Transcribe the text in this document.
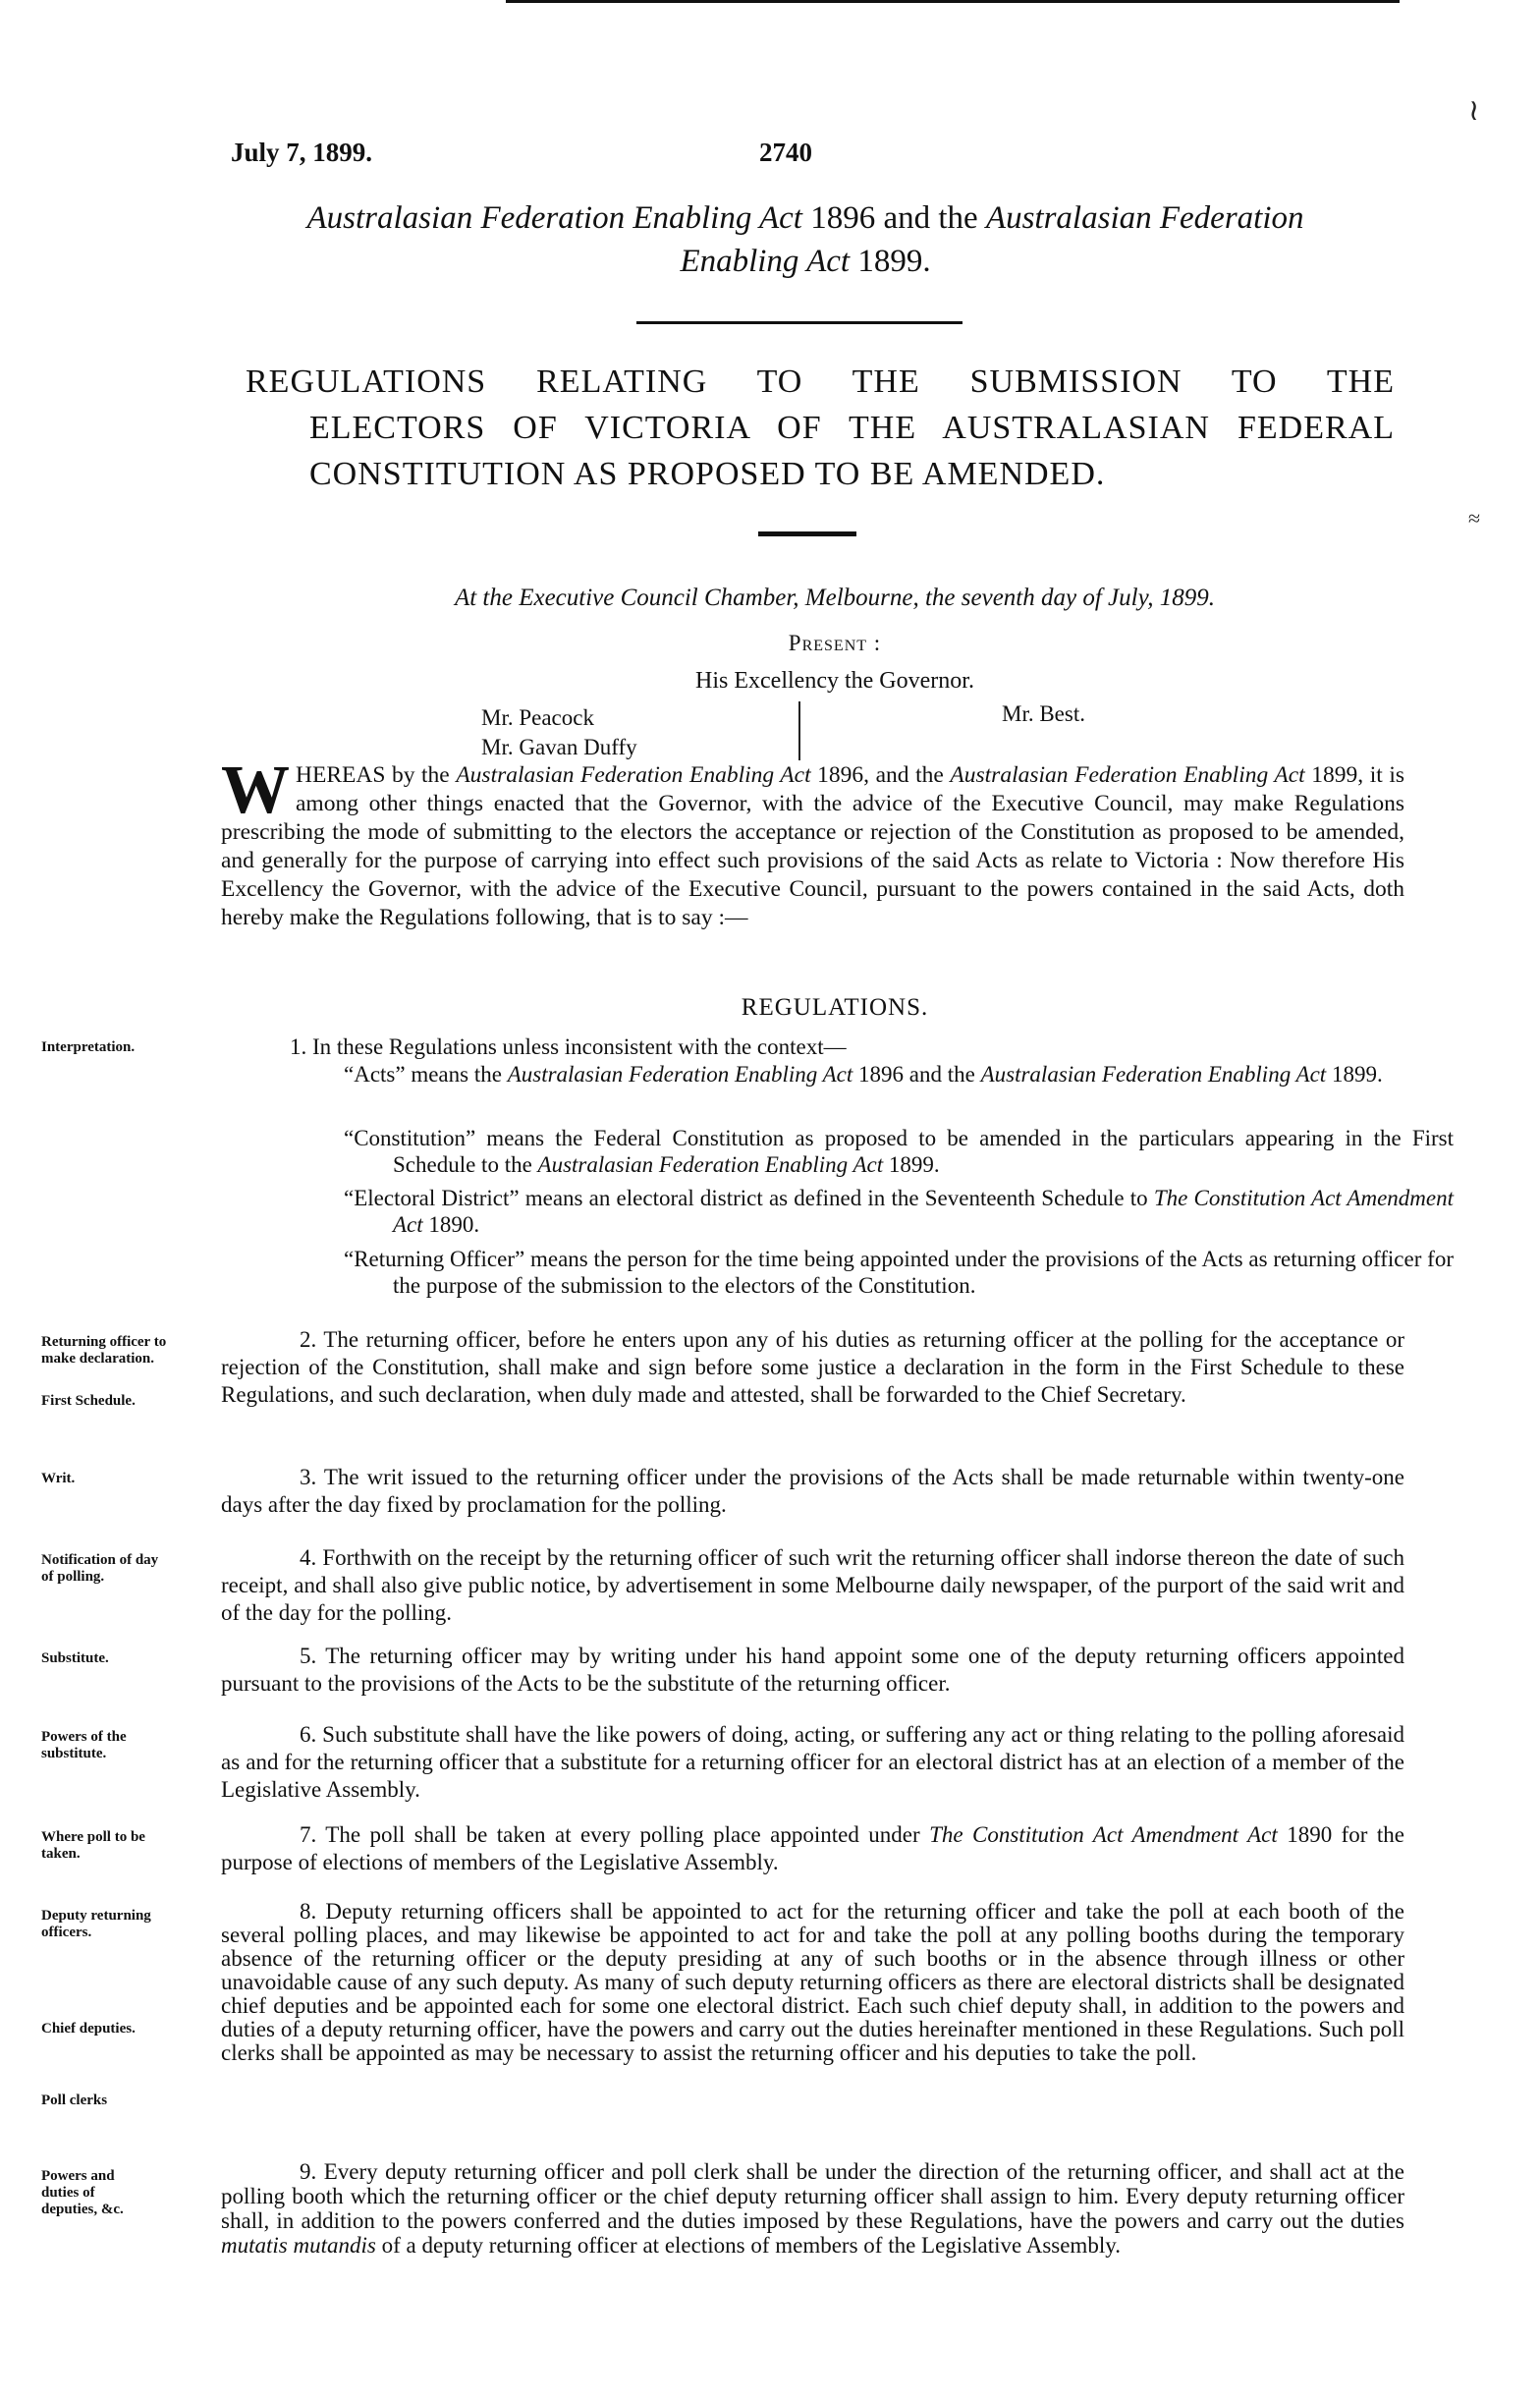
July 7, 1899.	2740
Australasian Federation Enabling Act 1896 and the Australasian Federation
Enabling Act 1899.
REGULATIONS RELATING TO THE SUBMISSION TO THE
ELECTORS OF VICTORIA OF THE AUSTRALASIAN FEDERAL
CONSTITUTION AS PROPOSED TO BE AMENDED.
At the Executive Council Chamber, Melbourne, the seventh day of July, 1899.
Present :
His Excellency the Governor.
Mr. Peacock
Mr. Gavan Duffy
Mr. Best.
WHEREAS by the Australasian Federation Enabling Act 1896, and the Australasian Federation Enabling Act 1899, it is among other things enacted that the Governor, with the advice of the Executive Council, may make Regulations prescribing the mode of submitting to the electors the acceptance or rejection of the Constitution as proposed to be amended, and generally for the purpose of carrying into effect such provisions of the said Acts as relate to Victoria : Now therefore His Excellency the Governor, with the advice of the Executive Council, pursuant to the powers contained in the said Acts, doth hereby make the Regulations following, that is to say :—
REGULATIONS.
Interpretation.	1. In these Regulations unless inconsistent with the context—
“Acts” means the Australasian Federation Enabling Act 1896 and the Australasian Federation Enabling Act 1899.
“Constitution” means the Federal Constitution as proposed to be amended in the particulars appearing in the First Schedule to the Australasian Federation Enabling Act 1899.
“Electoral District” means an electoral district as defined in the Seventeenth Schedule to The Constitution Act Amendment Act 1890.
“Returning Officer” means the person for the time being appointed under the provisions of the Acts as returning officer for the purpose of the submission to the electors of the Constitution.
Returning officer to make declaration.
First Schedule.
2. The returning officer, before he enters upon any of his duties as returning officer at the polling for the acceptance or rejection of the Constitution, shall make and sign before some justice a declaration in the form in the First Schedule to these Regulations, and such declaration, when duly made and attested, shall be forwarded to the Chief Secretary.
Writ.	3. The writ issued to the returning officer under the provisions of the Acts shall be made returnable within twenty-one days after the day fixed by proclamation for the polling.
Notification of day of polling.
4. Forthwith on the receipt by the returning officer of such writ the returning officer shall indorse thereon the date of such receipt, and shall also give public notice, by advertisement in some Melbourne daily newspaper, of the purport of the said writ and of the day for the polling.
Substitute.	5. The returning officer may by writing under his hand appoint some one of the deputy returning officers appointed pursuant to the provisions of the Acts to be the substitute of the returning officer.
Powers of the substitute.
6. Such substitute shall have the like powers of doing, acting, or suffering any act or thing relating to the polling aforesaid as and for the returning officer that a substitute for a returning officer for an electoral district has at an election of a member of the Legislative Assembly.
Where poll to be taken.
7. The poll shall be taken at every polling place appointed under The Constitution Act Amendment Act 1890 for the purpose of elections of members of the Legislative Assembly.
Deputy returning officers.
Chief deputies.
Poll clerks
8. Deputy returning officers shall be appointed to act for the returning officer and take the poll at each booth of the several polling places, and may likewise be appointed to act for and take the poll at any polling booths during the temporary absence of the returning officer or the deputy presiding at any of such booths or in the absence through illness or other unavoidable cause of any such deputy. As many of such deputy returning officers as there are electoral districts shall be designated chief deputies and be appointed each for some one electoral district. Each such chief deputy shall, in addition to the powers and duties of a deputy returning officer, have the powers and carry out the duties hereinafter mentioned in these Regulations. Such poll clerks shall be appointed as may be necessary to assist the returning officer and his deputies to take the poll.
Powers and duties of deputies, &c.
9. Every deputy returning officer and poll clerk shall be under the direction of the returning officer, and shall act at the polling booth which the returning officer or the chief deputy returning officer shall assign to him. Every deputy returning officer shall, in addition to the powers conferred and the duties imposed by these Regulations, have the powers and carry out the duties mutatis mutandis of a deputy returning officer at elections of members of the Legislative Assembly.
≀
≈
